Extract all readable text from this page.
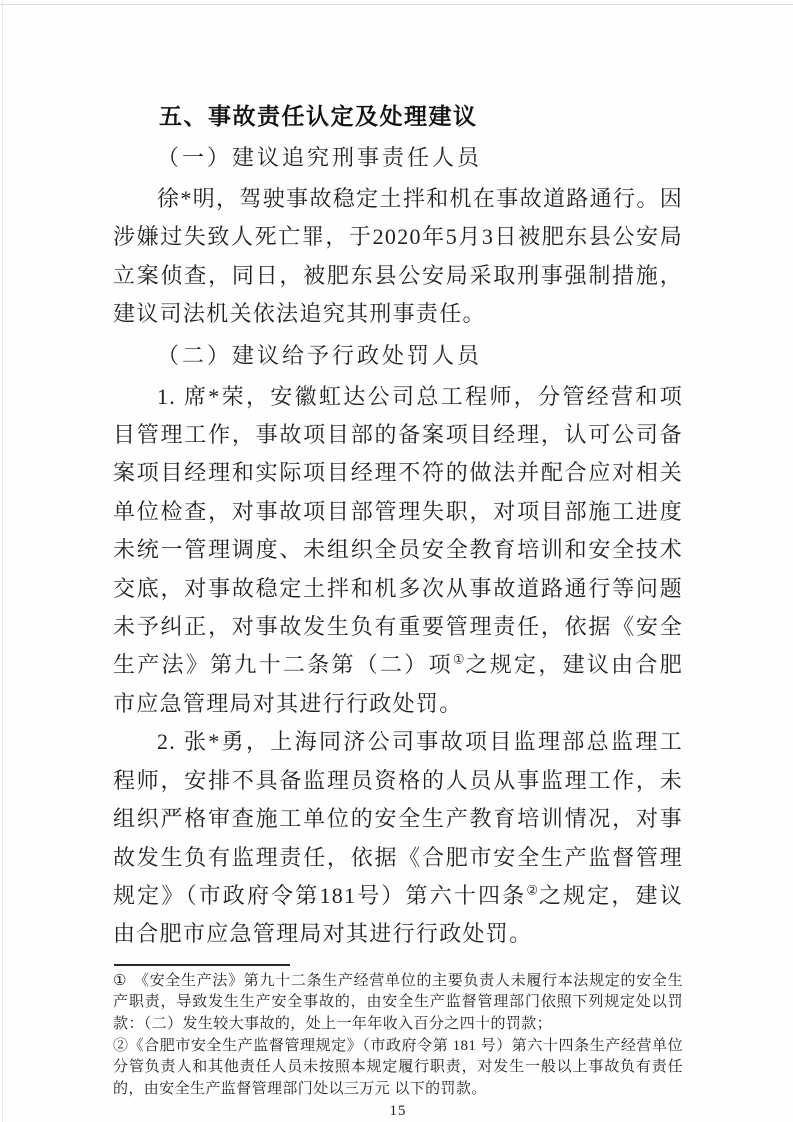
五、事故责任认定及处理建议
（一）建议追究刑事责任人员

徐*明，驾驶事故稳定土拌和机在事故道路通行。因涉嫌过失致人死亡罪，于2020年5月3日被肥东县公安局立案侦查，同日，被肥东县公安局采取刑事强制措施，建议司法机关依法追究其刑事责任。

（二）建议给予行政处罚人员

1. 席*荣，安徽虹达公司总工程师，分管经营和项目管理工作，事故项目部的备案项目经理，认可公司备案项目经理和实际项目经理不符的做法并配合应对相关单位检查，对事故项目部管理失职，对项目部施工进度未统一管理调度、未组织全员安全教育培训和安全技术交底，对事故稳定土拌和机多次从事故道路通行等问题未予纠正，对事故发生负有重要管理责任，依据《安全生产法》第九十二条第（二）项①之规定，建议由合肥市应急管理局对其进行行政处罚。

2. 张*勇，上海同济公司事故项目监理部总监理工程师，安排不具备监理员资格的人员从事监理工作，未组织严格审查施工单位的安全生产教育培训情况，对事故发生负有监理责任，依据《合肥市安全生产监督管理规定》（市政府令第181号）第六十四条②之规定，建议由合肥市应急管理局对其进行行政处罚。

① 《安全生产法》第九十二条生产经营单位的主要负责人未履行本法规定的安全生产职责，导致发生生产安全事故的，由安全生产监督管理部门依照下列规定处以罚款：（二）发生较大事故的，处上一年年收入百分之四十的罚款；

②《合肥市安全生产监督管理规定》（市政府令第 181 号）第六十四条生产经营单位分管负责人和其他责任人员未按照本规定履行职责，对发生一般以上事故负有责任的，由安全生产监督管理部门处以三万元 以下的罚款。

15
